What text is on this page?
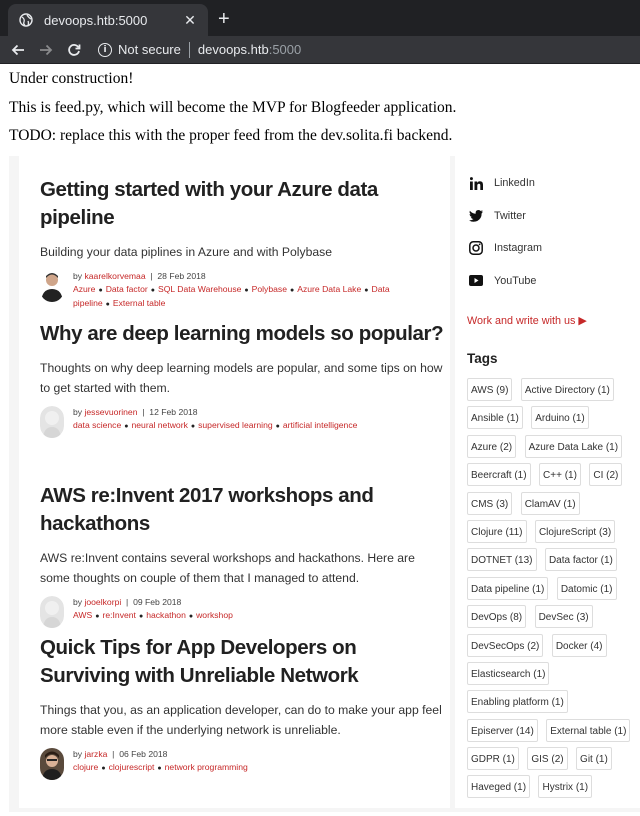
devoops.htb:5000	✕ +
i Not secure devoops.htb :5000

Under construction!

This is feed.py, which will become the MVP for Blogfeeder application.

TODO: replace this with the proper feed from the dev.solita.fi backend.

Getting started with your Azure data pipeline
Building your data piplines in Azure and with Polybase
by kaarelkorvemaa  |  28 Feb 2018
Azure ● Data factor ● SQL Data Warehouse ● Polybase ● Azure Data Lake ● Data pipeline ● External table
Why are deep learning models so popular?
Thoughts on why deep learning models are popular, and some tips on how to get started with them.
by jessevuorinen  |  12 Feb 2018
data science ● neural network ● supervised learning ● artificial intelligence
AWS re:Invent 2017 workshops and hackathons
AWS re:Invent contains several workshops and hackathons. Here are some thoughts on couple of them that I managed to attend.
by jooelkorpi  |  09 Feb 2018
AWS ● re:Invent ● hackathon ● workshop
Quick Tips for App Developers on Surviving with Unreliable Network
Things that you, as an application developer, can do to make your app feel more stable even if the underlying network is unreliable.
by jarzka  |  06 Feb 2018
clojure ● clojurescript ● network programming
LinkedIn
Twitter
Instagram
YouTube
Work and write with us ▶
Tags
AWS (9) Active Directory (1) Ansible (1) Arduino (1) Azure (2) Azure Data Lake (1) Beercraft (1) C++ (1) CI (2) CMS (3) ClamAV (1) Clojure (11) ClojureScript (3) DOTNET (13) Data factor (1) Data pipeline (1) Datomic (1) DevOps (8) DevSec (3) DevSecOps (2) Docker (4) Elasticsearch (1) Enabling platform (1) Episerver (14) External table (1) GDPR (1) GIS (2) Git (1) Haveged (1) Hystrix (1)
